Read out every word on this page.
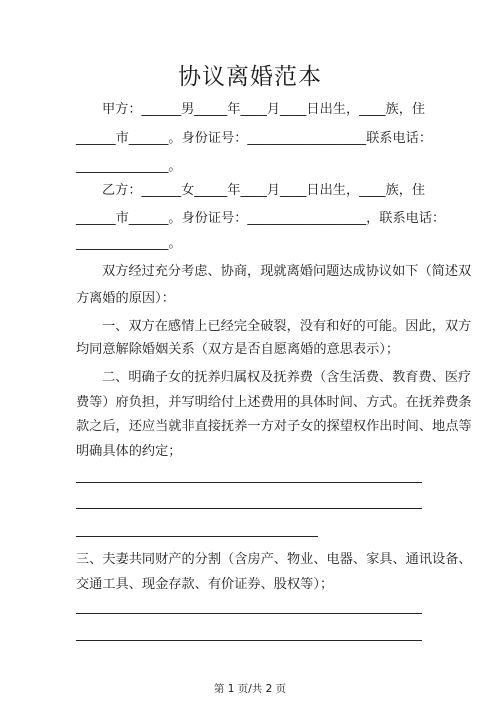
协议离婚范本
甲方：______男_____年____月____日出生，____族，住
______市______。身份证号：__________________联系电话：
______________。
乙方：______女_____年____月____日出生，____族，住
______市______。身份证号：__________________，联系电话：
______________。
双方经过充分考虑、协商，现就离婚问题达成协议如下（简述双
方离婚的原因）：
一、双方在感情上已经完全破裂，没有和好的可能。因此，双方
均同意解除婚姻关系（双方是否自愿离婚的意思表示）；
二、明确子女的抚养归属权及抚养费（含生活费、教育费、医疗
费等）府负担，并写明给付上述费用的具体时间、方式。在抚养费条
款之后，还应当就非直接抚养一方对子女的探望权作出时间、地点等
明确具体的约定；
三、夫妻共同财产的分割（含房产、物业、电器、家具、通讯设备、
交通工具、现金存款、有价证券、股权等）；
第 1 页/共 2 页
